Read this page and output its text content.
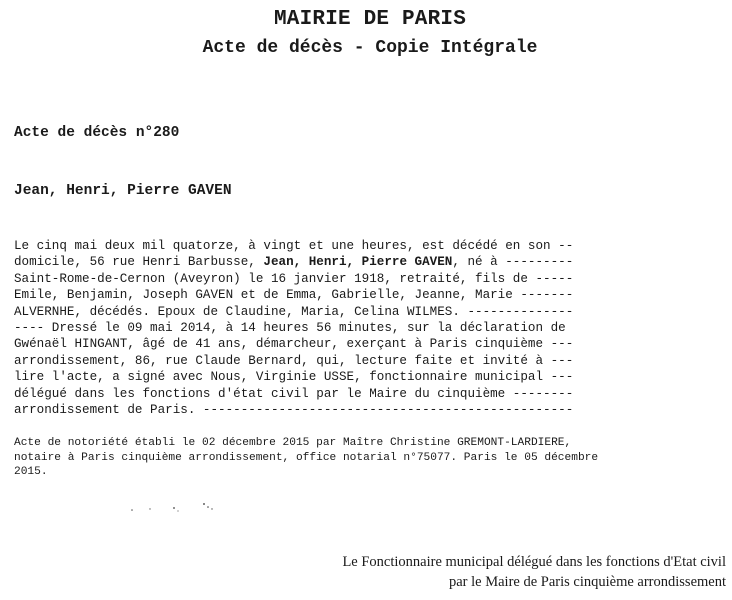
MAIRIE DE PARIS
Acte de décès - Copie Intégrale
Acte de décès n°280
Jean, Henri, Pierre GAVEN
Le cinq mai deux mil quatorze, à vingt et une heures, est décédé en son --
domicile, 56 rue Henri Barbusse, Jean, Henri, Pierre GAVEN, né à ---------
Saint-Rome-de-Cernon (Aveyron) le 16 janvier 1918, retraité, fils de -----
Emile, Benjamin, Joseph GAVEN et de Emma, Gabrielle, Jeanne, Marie -------
ALVERNHE, décédés. Epoux de Claudine, Maria, Celina WILMES. --------------
---- Dressé le 09 mai 2014, à 14 heures 56 minutes, sur la déclaration de
Gwénaël HINGANT, âgé de 41 ans, démarcheur, exerçant à Paris cinquième ---
arrondissement, 86, rue Claude Bernard, qui, lecture faite et invité à ---
lire l'acte, a signé avec Nous, Virginie USSE, fonctionnaire municipal ---
délégué dans les fonctions d'état civil par le Maire du cinquième --------
arrondissement de Paris. -------------------------------------------------
Acte de notoriété établi le 02 décembre 2015 par Maître Christine GREMONT-LARDIERE,
notaire à Paris cinquième arrondissement, office notarial n°75077. Paris le 05 décembre
2015.
Le Fonctionnaire municipal délégué dans les fonctions d'Etat civil
par le Maire de Paris cinquième arrondissement
